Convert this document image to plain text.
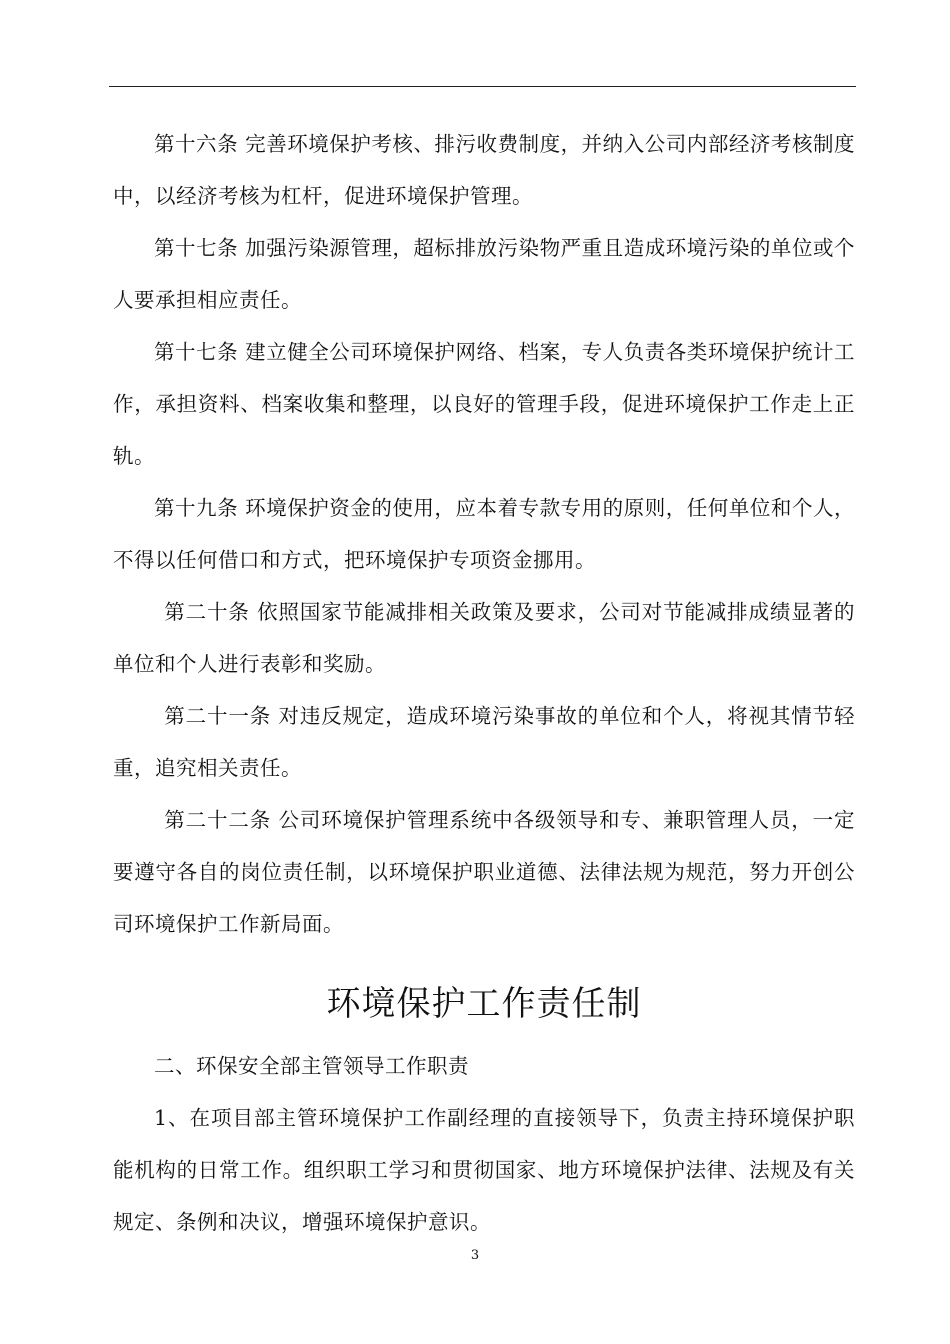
第十六条 完善环境保护考核、排污收费制度，并纳入公司内部经济考核制度中，以经济考核为杠杆，促进环境保护管理。

第十七条 加强污染源管理，超标排放污染物严重且造成环境污染的单位或个人要承担相应责任。

第十七条 建立健全公司环境保护网络、档案，专人负责各类环境保护统计工作，承担资料、档案收集和整理，以良好的管理手段，促进环境保护工作走上正轨。

第十九条 环境保护资金的使用，应本着专款专用的原则，任何单位和个人，不得以任何借口和方式，把环境保护专项资金挪用。

第二十条 依照国家节能减排相关政策及要求，公司对节能减排成绩显著的单位和个人进行表彰和奖励。

第二十一条 对违反规定，造成环境污染事故的单位和个人，将视其情节轻重，追究相关责任。

第二十二条 公司环境保护管理系统中各级领导和专、兼职管理人员，一定要遵守各自的岗位责任制，以环境保护职业道德、法律法规为规范，努力开创公司环境保护工作新局面。

环境保护工作责任制

二、环保安全部主管领导工作职责

1、在项目部主管环境保护工作副经理的直接领导下，负责主持环境保护职能机构的日常工作。组织职工学习和贯彻国家、地方环境保护法律、法规及有关规定、条例和决议，增强环境保护意识。

3
